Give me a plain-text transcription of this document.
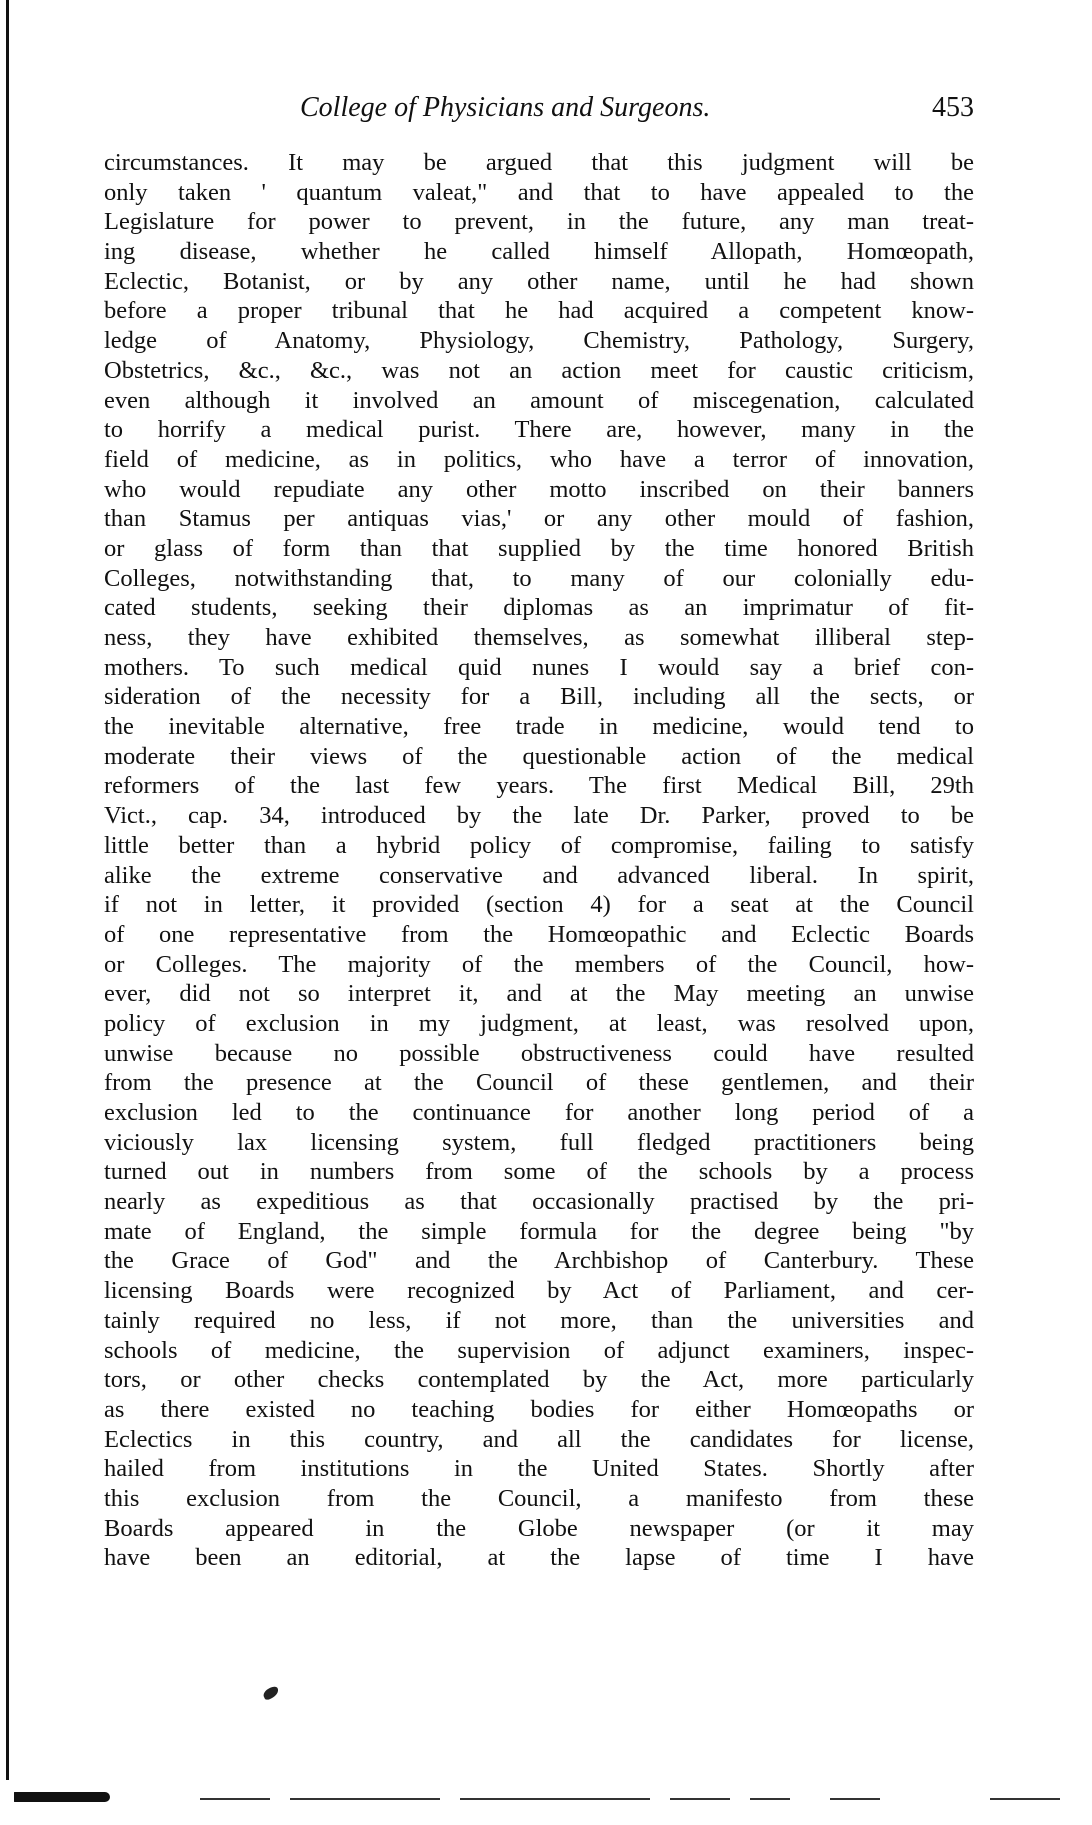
College of Physicians and Surgeons.	453
circumstances. It may be argued that this judgment will be
only taken ' quantum valeat," and that to have appealed to the
Legislature for power to prevent, in the future, any man treat-
ing disease, whether he called himself Allopath, Homœopath,
Eclectic, Botanist, or by any other name, until he had shown
before a proper tribunal that he had acquired a competent know-
ledge of Anatomy, Physiology, Chemistry, Pathology, Surgery,
Obstetrics, &c., &c., was not an action meet for caustic criticism,
even although it involved an amount of miscegenation, calculated
to horrify a medical purist. There are, however, many in the
field of medicine, as in politics, who have a terror of innovation,
who would repudiate any other motto inscribed on their banners
than Stamus per antiquas vias,' or any other mould of fashion,
or glass of form than that supplied by the time honored British
Colleges, notwithstanding that, to many of our colonially edu-
cated students, seeking their diplomas as an imprimatur of fit-
ness, they have exhibited themselves, as somewhat illiberal step-
mothers. To such medical quid nunes I would say a brief con-
sideration of the necessity for a Bill, including all the sects, or
the inevitable alternative, free trade in medicine, would tend to
moderate their views of the questionable action of the medical
reformers of the last few years. The first Medical Bill, 29th
Vict., cap. 34, introduced by the late Dr. Parker, proved to be
little better than a hybrid policy of compromise, failing to satisfy
alike the extreme conservative and advanced liberal. In spirit,
if not in letter, it provided (section 4) for a seat at the Council
of one representative from the Homœopathic and Eclectic Boards
or Colleges. The majority of the members of the Council, how-
ever, did not so interpret it, and at the May meeting an unwise
policy of exclusion in my judgment, at least, was resolved upon,
unwise because no possible obstructiveness could have resulted
from the presence at the Council of these gentlemen, and their
exclusion led to the continuance for another long period of a
viciously lax licensing system, full fledged practitioners being
turned out in numbers from some of the schools by a process
nearly as expeditious as that occasionally practised by the pri-
mate of England, the simple formula for the degree being "by
the Grace of God" and the Archbishop of Canterbury. These
licensing Boards were recognized by Act of Parliament, and cer-
tainly required no less, if not more, than the universities and
schools of medicine, the supervision of adjunct examiners, inspec-
tors, or other checks contemplated by the Act, more particularly
as there existed no teaching bodies for either Homœopaths or
Eclectics in this country, and all the candidates for license,
hailed from institutions in the United States. Shortly after
this exclusion from the Council, a manifesto from these
Boards appeared in the Globe newspaper (or it may
have been an editorial, at the lapse of time I have
